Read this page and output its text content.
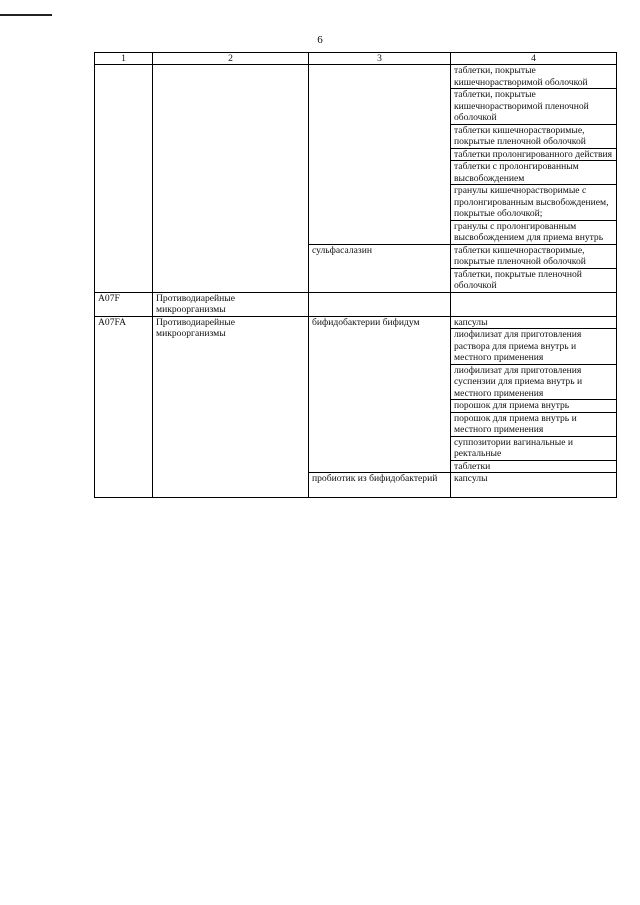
6
1	2	3	4
			таблетки, покрытые кишечнорастворимой оболочкой
			таблетки, покрытые кишечнорастворимой пленочной оболочкой
			таблетки кишечнорастворимые, покрытые пленочной оболочкой
			таблетки пролонгированного действия
			таблетки с пролонгированным высвобождением
			гранулы кишечнорастворимые с пролонгированным высвобождением, покрытые оболочкой;
			гранулы с пролонгированным высвобождением для приема внутрь
		сульфасалазин	таблетки кишечнорастворимые, покрытые пленочной оболочкой
			таблетки, покрытые пленочной оболочкой
A07F	Противодиарейные микроорганизмы		
A07FA	Противодиарейные микроорганизмы	бифидобактерии бифидум	капсулы
			лиофилизат для приготовления раствора для приема внутрь и местного применения
			лиофилизат для приготовления суспензии для приема внутрь и местного применения
			порошок для приема внутрь
			порошок для приема внутрь и местного применения
			суппозитории вагинальные и ректальные
			таблетки
		пробиотик из бифидобактерий	капсулы
